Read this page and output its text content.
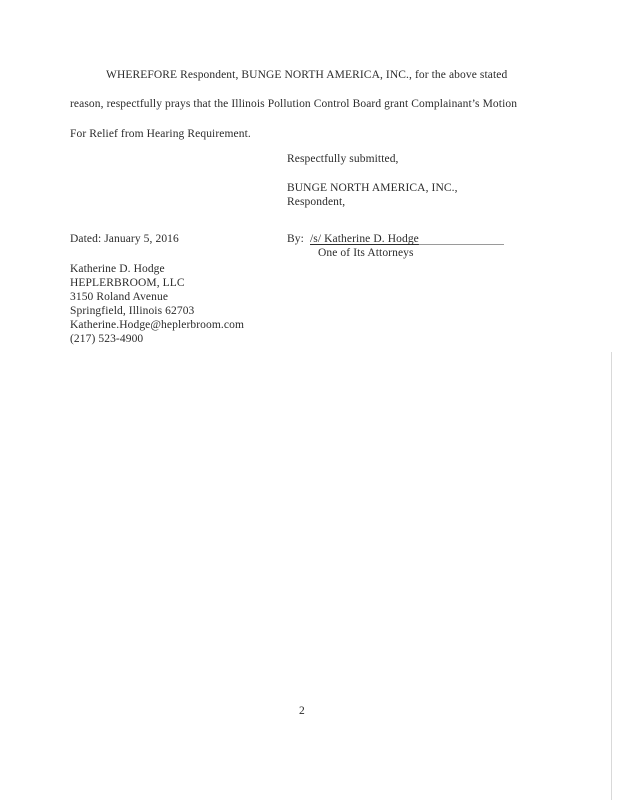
WHEREFORE Respondent, BUNGE NORTH AMERICA, INC., for the above stated
reason, respectfully prays that the Illinois Pollution Control Board grant Complainant’s Motion
For Relief from Hearing Requirement.
Respectfully submitted,
BUNGE NORTH AMERICA, INC.,
Respondent,
Dated: January 5, 2016	By: /s/ Katherine D. Hodge
One of Its Attorneys
Katherine D. Hodge
HEPLERBROOM, LLC
3150 Roland Avenue
Springfield, Illinois 62703
Katherine.Hodge@heplerbroom.com
(217) 523-4900
2
